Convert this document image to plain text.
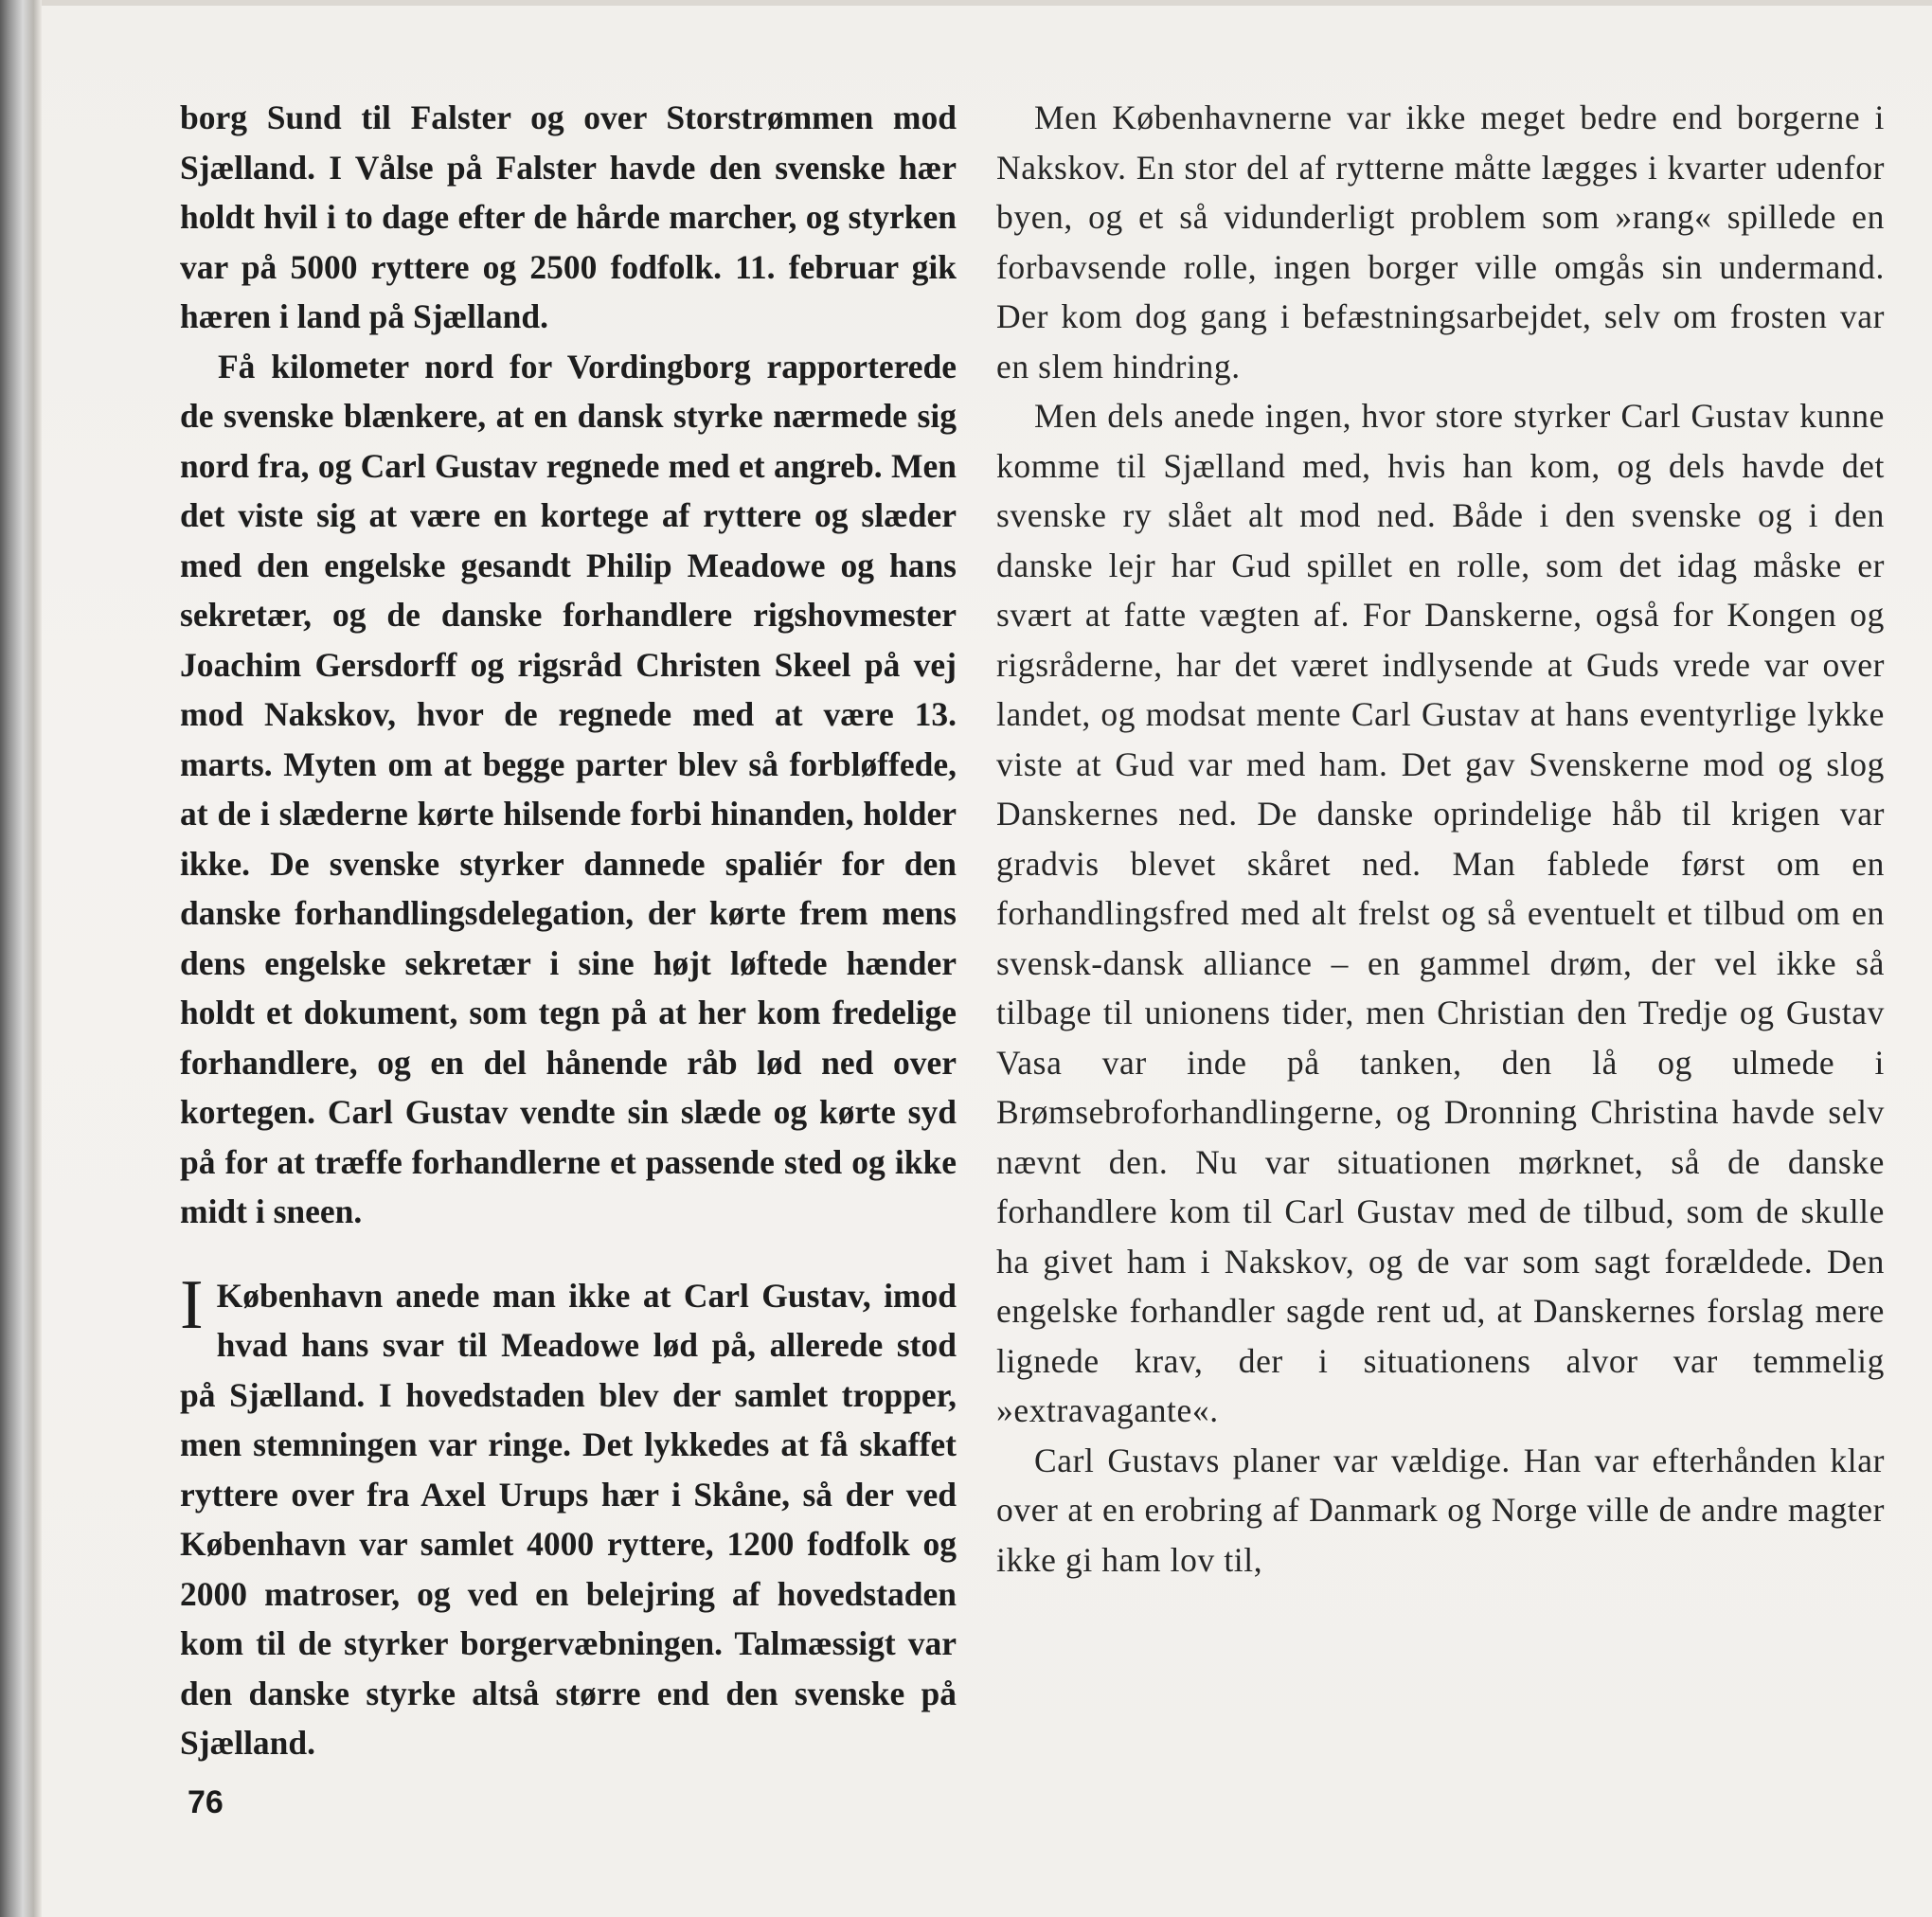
borg Sund til Falster og over Storstrømmen mod Sjælland. I Vålse på Falster havde den svenske hær holdt hvil i to dage efter de hårde marcher, og styrken var på 5000 ryttere og 2500 fodfolk. 11. februar gik hæren i land på Sjælland.

Få kilometer nord for Vordingborg rapporterede de svenske blænkere, at en dansk styrke nærmede sig nord fra, og Carl Gustav regnede med et angreb. Men det viste sig at være en kortege af ryttere og slæder med den engelske gesandt Philip Meadowe og hans sekretær, og de danske forhandlere rigshovmester Joachim Gersdorff og rigsråd Christen Skeel på vej mod Nakskov, hvor de regnede med at være 13. marts. Myten om at begge parter blev så forbløffede, at de i slæderne kørte hilsende forbi hinanden, holder ikke. De svenske styrker dannede spaliér for den danske forhandlingsdelegation, der kørte frem mens dens engelske sekretær i sine højt løftede hænder holdt et dokument, som tegn på at her kom fredelige forhandlere, og en del hånende råb lød ned over kortegen. Carl Gustav vendte sin slæde og kørte syd på for at træffe forhandlerne et passende sted og ikke midt i sneen.

IKøbenhavn anede man ikke at Carl Gustav, imod hvad hans svar til Meadowe lød på, allerede stod på Sjælland. I hovedstaden blev der samlet tropper, men stemningen var ringe. Det lykkedes at få skaffet ryttere over fra Axel Urups hær i Skåne, så der ved København var samlet 4000 ryttere, 1200 fodfolk og 2000 matroser, og ved en belejring af hovedstaden kom til de styrker borgervæbningen. Talmæssigt var den danske styrke altså større end den svenske på Sjælland.

Men Københavnerne var ikke meget bedre end borgerne i Nakskov. En stor del af rytterne måtte lægges i kvarter udenfor byen, og et så vidunderligt problem som »rang« spillede en forbavsende rolle, ingen borger ville omgås sin undermand. Der kom dog gang i befæstningsarbejdet, selv om frosten var en slem hindring.

Men dels anede ingen, hvor store styrker Carl Gustav kunne komme til Sjælland med, hvis han kom, og dels havde det svenske ry slået alt mod ned. Både i den svenske og i den danske lejr har Gud spillet en rolle, som det idag måske er svært at fatte vægten af. For Danskerne, også for Kongen og rigsråderne, har det været indlysende at Guds vrede var over landet, og modsat mente Carl Gustav at hans eventyrlige lykke viste at Gud var med ham. Det gav Svenskerne mod og slog Danskernes ned. De danske oprindelige håb til krigen var gradvis blevet skåret ned. Man fablede først om en forhandlingsfred med alt frelst og så eventuelt et tilbud om en svensk-dansk alliance – en gammel drøm, der vel ikke så tilbage til unionens tider, men Christian den Tredje og Gustav Vasa var inde på tanken, den lå og ulmede i Brømsebroforhandlingerne, og Dronning Christina havde selv nævnt den. Nu var situationen mørknet, så de danske forhandlere kom til Carl Gustav med de tilbud, som de skulle ha givet ham i Nakskov, og de var som sagt forældede. Den engelske forhandler sagde rent ud, at Danskernes forslag mere lignede krav, der i situationens alvor var temmelig »extravagante«.

Carl Gustavs planer var vældige. Han var efterhånden klar over at en erobring af Danmark og Norge ville de andre magter ikke gi ham lov til,

76
